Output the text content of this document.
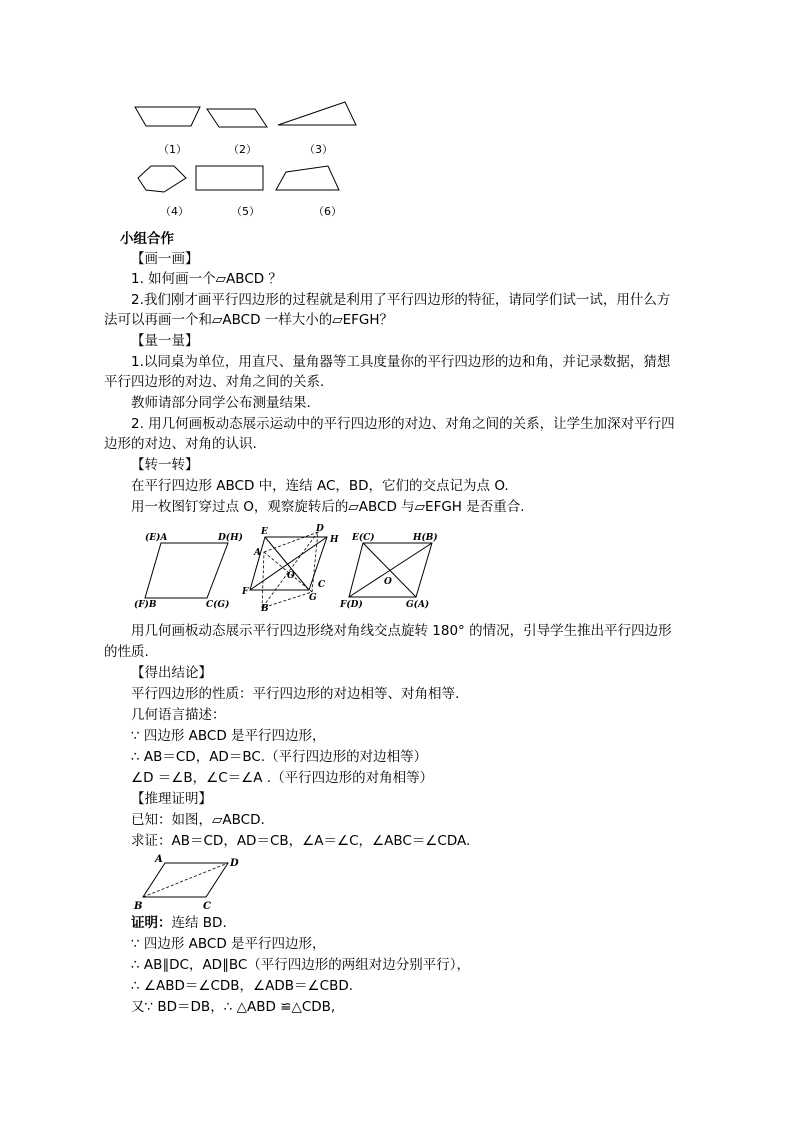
（1）	（2）	（3）
（4）	（5）	（6）
小组合作
【画一画】
1. 如何画一个▱ABCD ？
2.我们刚才画平行四边形的过程就是利用了平行四边形的特征，请同学们试一试，用什么方
法可以再画一个和▱ABCD 一样大小的▱EFGH？
【量一量】
1.以同桌为单位，用直尺、量角器等工具度量你的平行四边形的边和角，并记录数据，猜想
平行四边形的对边、对角之间的关系.
教师请部分同学公布测量结果.
2. 用几何画板动态展示运动中的平行四边形的对边、对角之间的关系，让学生加深对平行四
边形的对边、对角的认识.
【转一转】
在平行四边形 ABCD 中，连结 AC，BD，它们的交点记为点 O.
用一枚图钉穿过点 O，观察旋转后的▱ABCD 与▱EFGH 是否重合.
(E)A	D(H)
(F)B	C(G)
D
E
H
A
O
C
F
G
B
E(C)	H(B)
O
F(D)	G(A)
用几何画板动态展示平行四边形绕对角线交点旋转 180° 的情况，引导学生推出平行四边形
的性质.
【得出结论】
平行四边形的性质：平行四边形的对边相等、对角相等.
几何语言描述：
∵ 四边形 ABCD 是平行四边形，
∴ AB＝CD，AD＝BC.（平行四边形的对边相等）
∠D ＝∠B，∠C＝∠A .（平行四边形的对角相等）
【推理证明】
已知：如图，▱ABCD.
求证：AB＝CD，AD＝CB，∠A＝∠C，∠ABC＝∠CDA.
A	D
B	C
证明：连结 BD.
∵ 四边形 ABCD 是平行四边形，
∴ AB∥DC，AD∥BC（平行四边形的两组对边分别平行），
∴ ∠ABD＝∠CDB，∠ADB＝∠CBD.
又∵ BD＝DB，∴ △ABD ≌△CDB,
